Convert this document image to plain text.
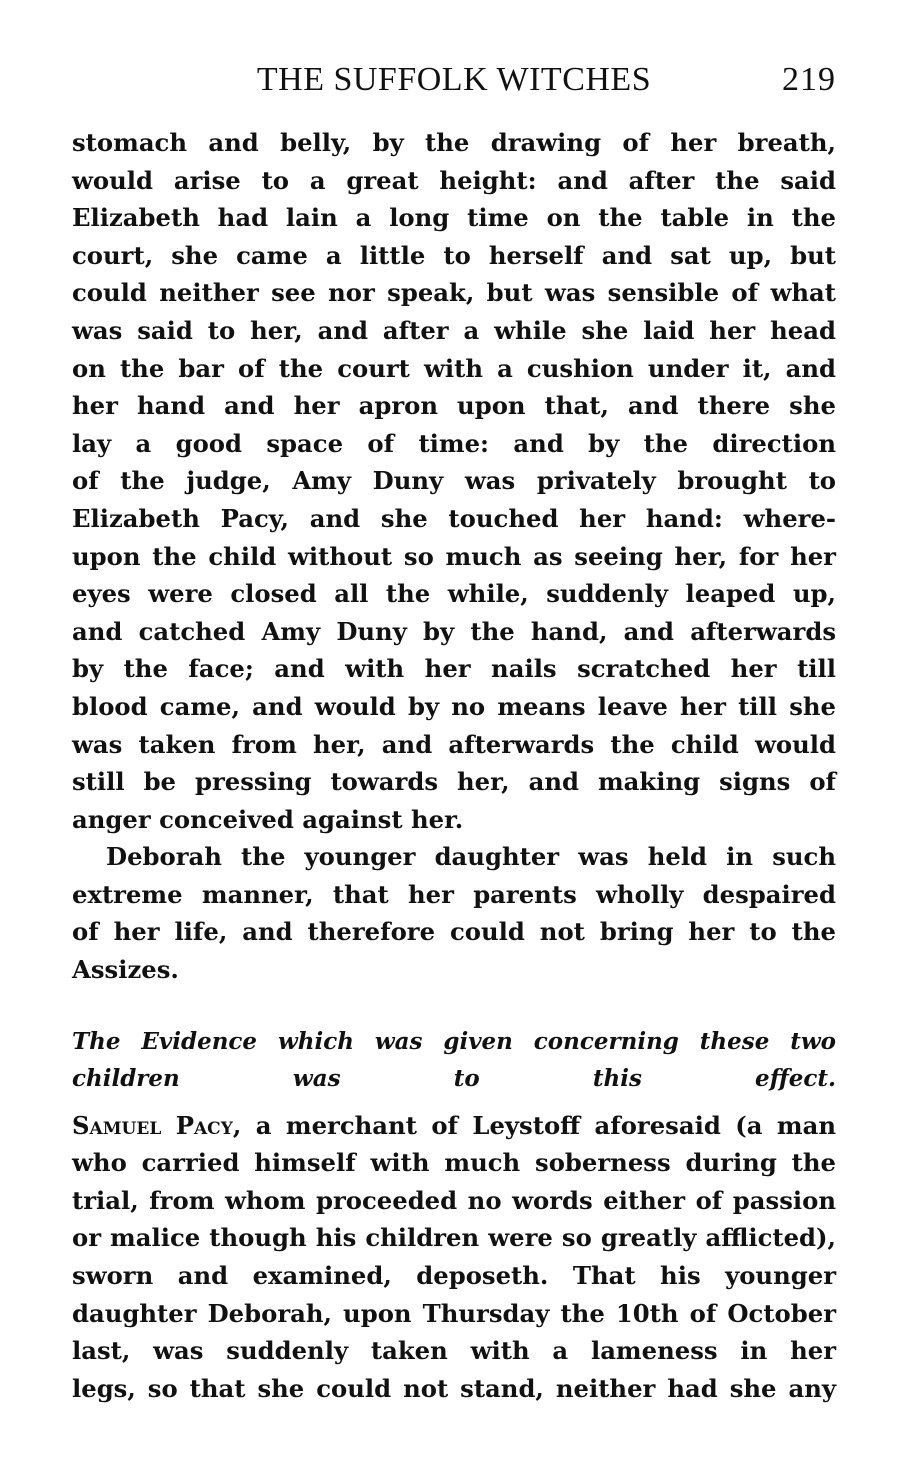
THE SUFFOLK WITCHES	219
stomach and belly, by the drawing of her breath,
would arise to a great height: and after the said
Elizabeth had lain a long time on the table in the
court, she came a little to herself and sat up, but
could neither see nor speak, but was sensible of what
was said to her, and after a while she laid her head
on the bar of the court with a cushion under it, and
her hand and her apron upon that, and there she
lay a good space of time: and by the direction
of the judge, Amy Duny was privately brought to
Elizabeth Pacy, and she touched her hand: where-
upon the child without so much as seeing her, for her
eyes were closed all the while, suddenly leaped up,
and catched Amy Duny by the hand, and afterwards
by the face; and with her nails scratched her till
blood came, and would by no means leave her till she
was taken from her, and afterwards the child would
still be pressing towards her, and making signs of
anger conceived against her.
Deborah the younger daughter was held in such
extreme manner, that her parents wholly despaired
of her life, and therefore could not bring her to the
Assizes.
The Evidence which was given concerning these two
children was to this effect.
Samuel Pacy, a merchant of Leystoff aforesaid (a man
who carried himself with much soberness during the
trial, from whom proceeded no words either of passion
or malice though his children were so greatly afflicted),
sworn and examined, deposeth. That his younger
daughter Deborah, upon Thursday the 10th of October
last, was suddenly taken with a lameness in her
legs, so that she could not stand, neither had she any
